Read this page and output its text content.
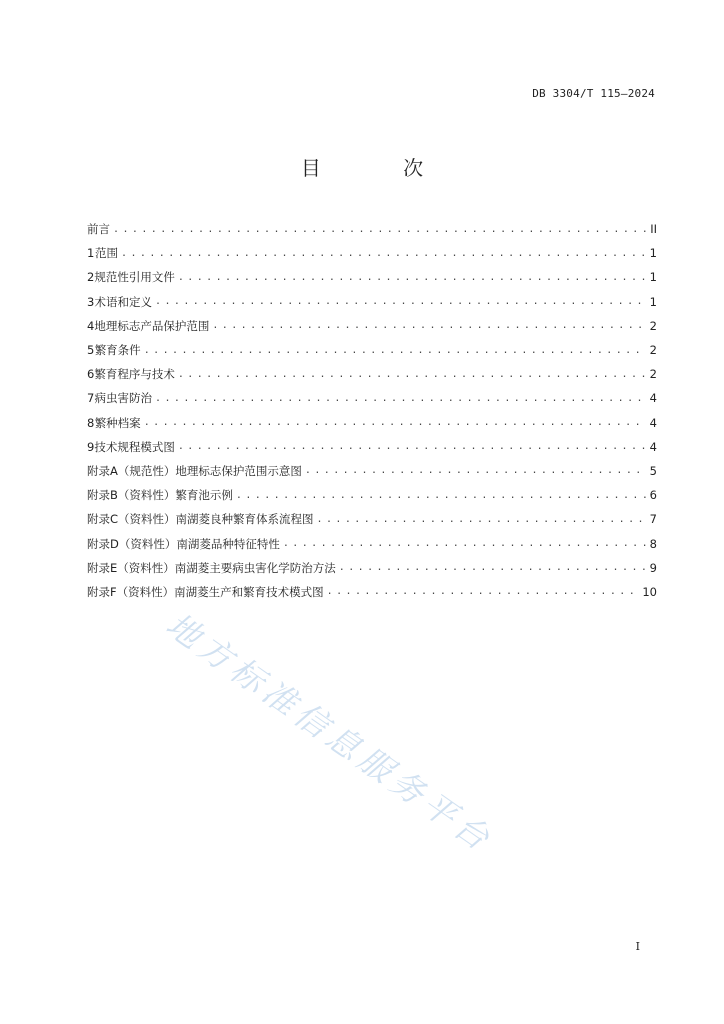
DB 3304/T 115—2024
目 次
前言 . . .	II
1 范围 . . .	1
2 规范性引用文件 . . .	1
3 术语和定义 . . .	1
4 地理标志产品保护范围 . . .	2
5 繁育条件 . . .	2
6 繁育程序与技术 . . .	2
7 病虫害防治 . . .	4
8 繁种档案 . . .	4
9 技术规程模式图 . . .	4
附录A（规范性） 地理标志保护范围示意图 . . .	5
附录B（资料性） 繁育池示例 . . .	6
附录C（资料性） 南湖菱良种繁育体系流程图 . . .	7
附录D（资料性） 南湖菱品种特征特性 . . .	8
附录E（资料性） 南湖菱主要病虫害化学防治方法 . . .	9
附录F（资料性） 南湖菱生产和繁育技术模式图 . . .	10
地方标准信息服务平台
I
